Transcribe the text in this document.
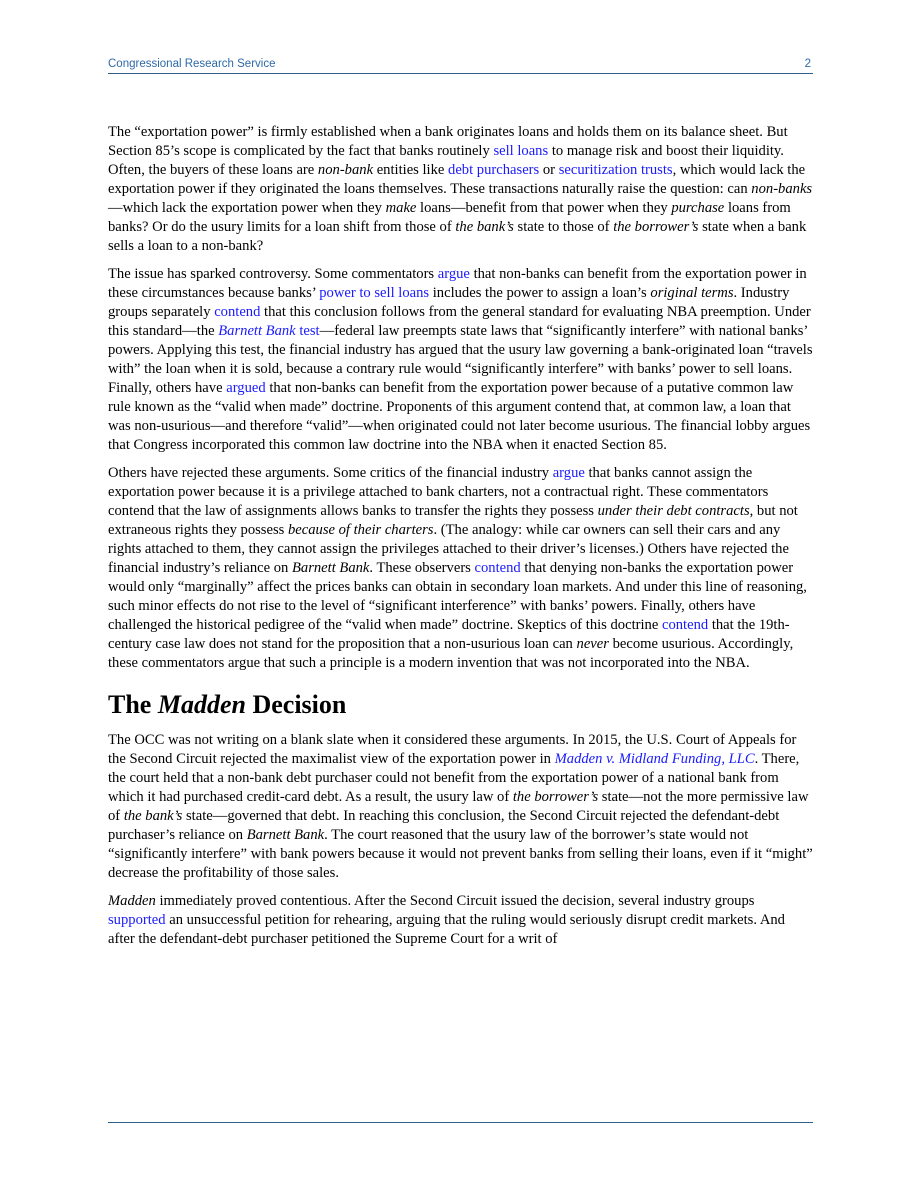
Congressional Research Service	2

The “exportation power” is firmly established when a bank originates loans and holds them on its balance sheet. But Section 85’s scope is complicated by the fact that banks routinely sell loans to manage risk and boost their liquidity. Often, the buyers of these loans are non-bank entities like debt purchasers or securitization trusts, which would lack the exportation power if they originated the loans themselves. These transactions naturally raise the question: can non-banks—which lack the exportation power when they make loans—benefit from that power when they purchase loans from banks? Or do the usury limits for a loan shift from those of the bank’s state to those of the borrower’s state when a bank sells a loan to a non-bank?

The issue has sparked controversy. Some commentators argue that non-banks can benefit from the exportation power in these circumstances because banks’ power to sell loans includes the power to assign a loan’s original terms. Industry groups separately contend that this conclusion follows from the general standard for evaluating NBA preemption. Under this standard—the Barnett Bank test—federal law preempts state laws that “significantly interfere” with national banks’ powers. Applying this test, the financial industry has argued that the usury law governing a bank-originated loan “travels with” the loan when it is sold, because a contrary rule would “significantly interfere” with banks’ power to sell loans. Finally, others have argued that non-banks can benefit from the exportation power because of a putative common law rule known as the “valid when made” doctrine. Proponents of this argument contend that, at common law, a loan that was non-usurious—and therefore “valid”—when originated could not later become usurious. The financial lobby argues that Congress incorporated this common law doctrine into the NBA when it enacted Section 85.

Others have rejected these arguments. Some critics of the financial industry argue that banks cannot assign the exportation power because it is a privilege attached to bank charters, not a contractual right. These commentators contend that the law of assignments allows banks to transfer the rights they possess under their debt contracts, but not extraneous rights they possess because of their charters. (The analogy: while car owners can sell their cars and any rights attached to them, they cannot assign the privileges attached to their driver’s licenses.) Others have rejected the financial industry’s reliance on Barnett Bank. These observers contend that denying non-banks the exportation power would only “marginally” affect the prices banks can obtain in secondary loan markets. And under this line of reasoning, such minor effects do not rise to the level of “significant interference” with banks’ powers. Finally, others have challenged the historical pedigree of the “valid when made” doctrine. Skeptics of this doctrine contend that the 19th-century case law does not stand for the proposition that a non-usurious loan can never become usurious. Accordingly, these commentators argue that such a principle is a modern invention that was not incorporated into the NBA.

The Madden Decision

The OCC was not writing on a blank slate when it considered these arguments. In 2015, the U.S. Court of Appeals for the Second Circuit rejected the maximalist view of the exportation power in Madden v. Midland Funding, LLC. There, the court held that a non-bank debt purchaser could not benefit from the exportation power of a national bank from which it had purchased credit-card debt. As a result, the usury law of the borrower’s state—not the more permissive law of the bank’s state—governed that debt. In reaching this conclusion, the Second Circuit rejected the defendant-debt purchaser’s reliance on Barnett Bank. The court reasoned that the usury law of the borrower’s state would not “significantly interfere” with bank powers because it would not prevent banks from selling their loans, even if it “might” decrease the profitability of those sales.

Madden immediately proved contentious. After the Second Circuit issued the decision, several industry groups supported an unsuccessful petition for rehearing, arguing that the ruling would seriously disrupt credit markets. And after the defendant-debt purchaser petitioned the Supreme Court for a writ of
